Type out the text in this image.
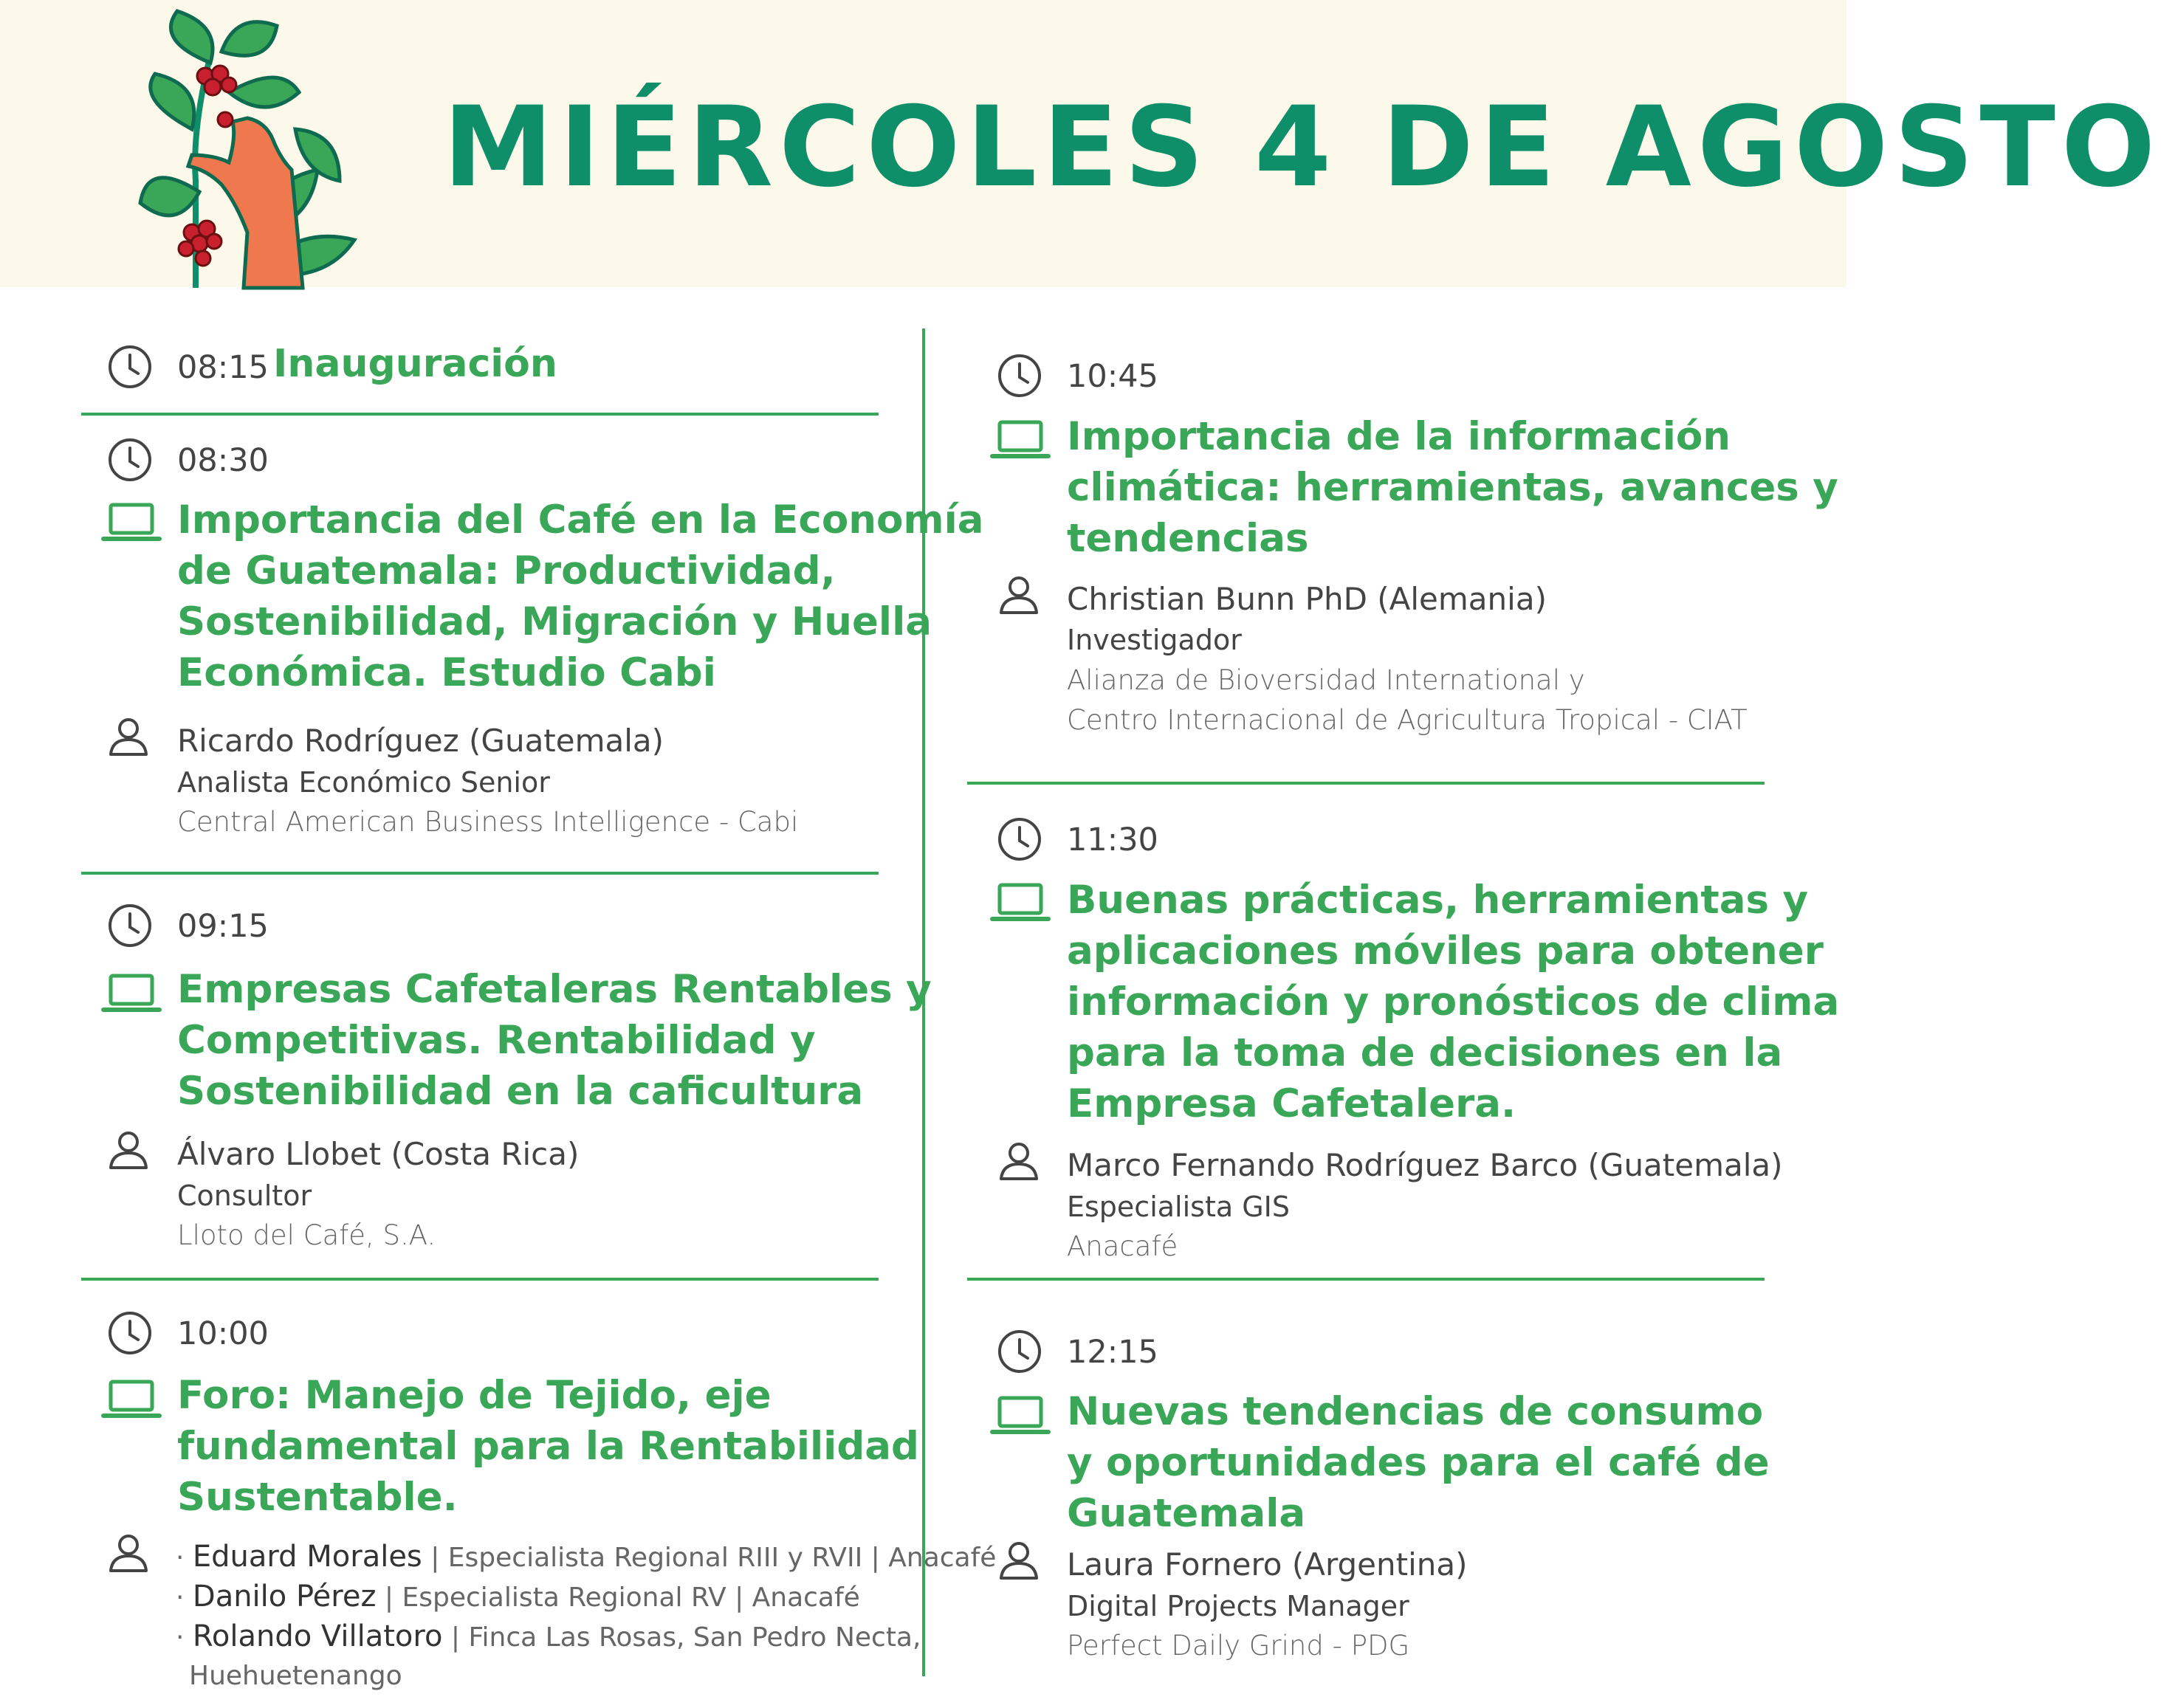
MIÉRCOLES 4 DE AGOSTO
08:15 Inauguración
08:30
Importancia del Café en la Economía
de Guatemala: Productividad,
Sostenibilidad, Migración y Huella
Económica. Estudio Cabi
Ricardo Rodríguez (Guatemala)
Analista Económico Senior
Central American Business Intelligence - Cabi
09:15
Empresas Cafetaleras Rentables y
Competitivas. Rentabilidad y
Sostenibilidad en la caficultura
Álvaro Llobet (Costa Rica)
Consultor
Lloto del Café, S.A.
10:00
Foro: Manejo de Tejido, eje
fundamental para la Rentabilidad
Sustentable.
· Eduard Morales | Especialista Regional RIII y RVII | Anacafé
· Danilo Pérez | Especialista Regional RV | Anacafé
· Rolando Villatoro | Finca Las Rosas, San Pedro Necta,
Huehuetenango
10:45
Importancia de la información
climática: herramientas, avances y
tendencias
Christian Bunn PhD (Alemania)
Investigador
Alianza de Bioversidad International y
Centro Internacional de Agricultura Tropical - CIAT
11:30
Buenas prácticas, herramientas y
aplicaciones móviles para obtener
información y pronósticos de clima
para la toma de decisiones en la
Empresa Cafetalera.
Marco Fernando Rodríguez Barco (Guatemala)
Especialista GIS
Anacafé
12:15
Nuevas tendencias de consumo
y oportunidades para el café de
Guatemala
Laura Fornero (Argentina)
Digital Projects Manager
Perfect Daily Grind - PDG
